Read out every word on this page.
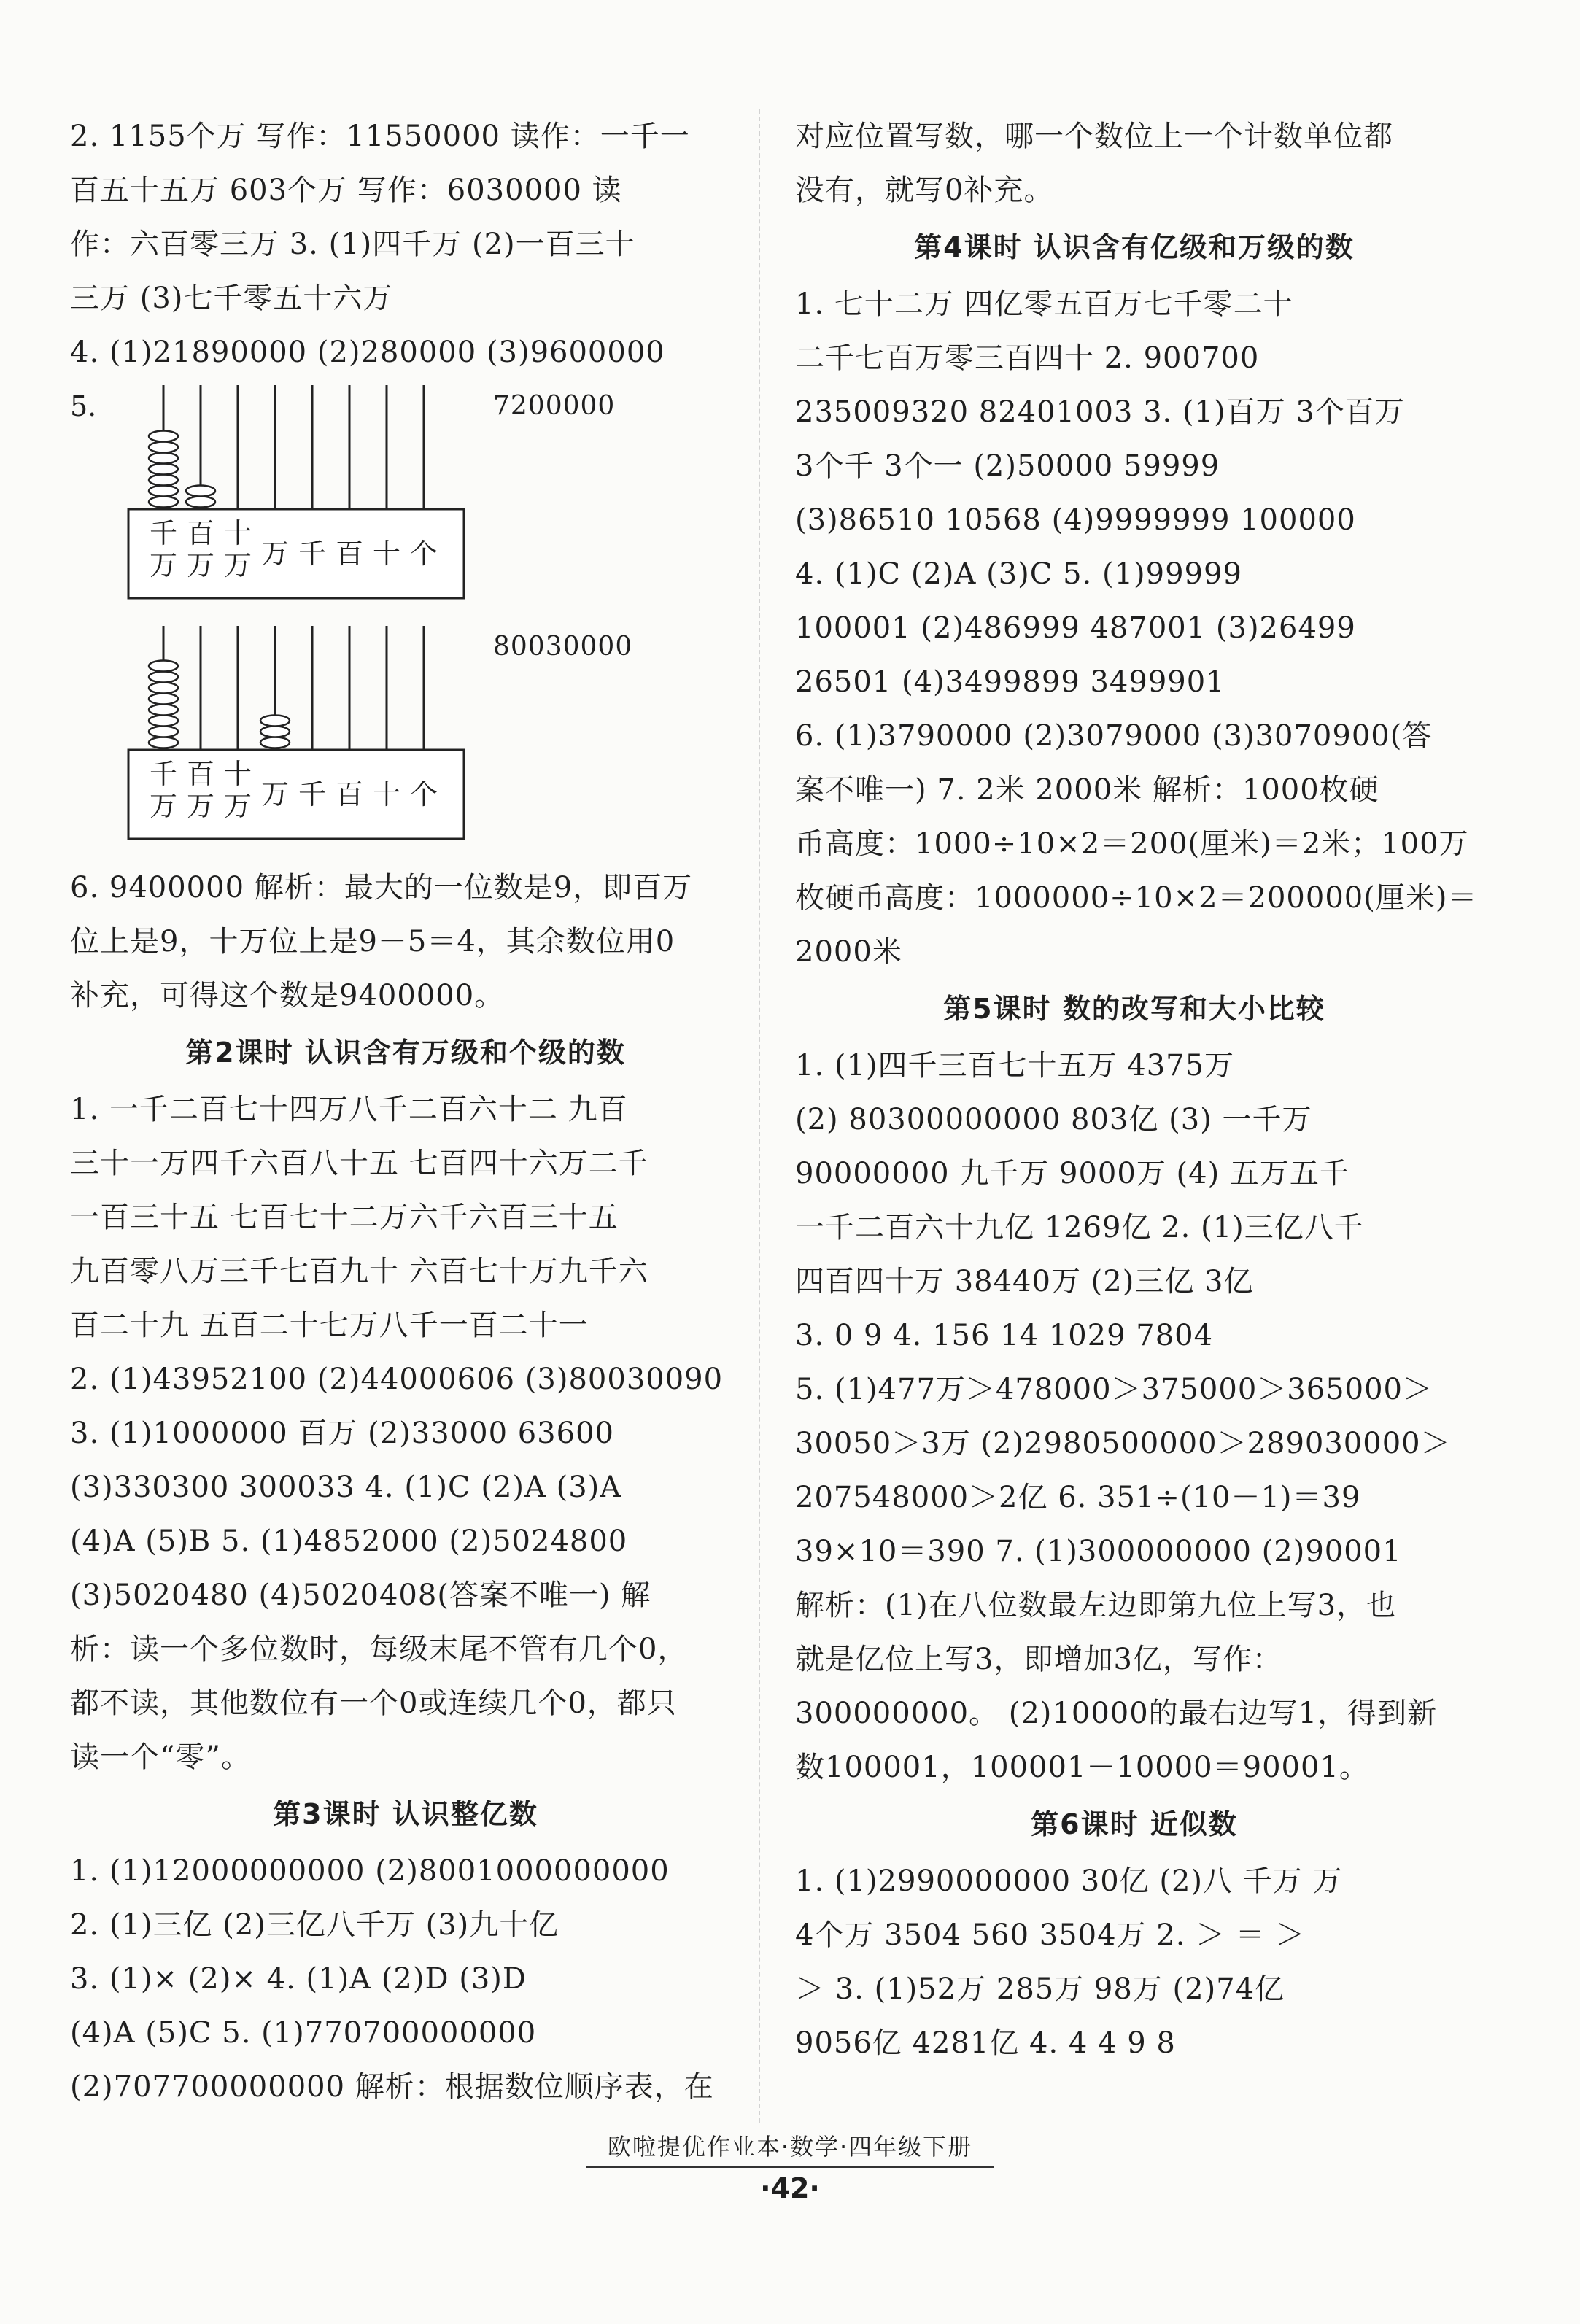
2. 1155个万 写作：11550000 读作：一千一
百五十五万 603个万 写作：6030000 读
作：六百零三万 3. (1)四千万 (2)一百三十
三万 (3)七千零五十六万
4. (1)21890000 (2)280000 (3)9600000
5.	7200000
千
万
百
万
十
万 万 千 百 十 个
80030000
千
万
百
万
十
万 万 千 百 十 个
6. 9400000 解析：最大的一位数是9，即百万
位上是9，十万位上是9－5＝4，其余数位用0
补充，可得这个数是9400000。
第2课时 认识含有万级和个级的数
1. 一千二百七十四万八千二百六十二 九百
三十一万四千六百八十五 七百四十六万二千
一百三十五 七百七十二万六千六百三十五
九百零八万三千七百九十 六百七十万九千六
百二十九 五百二十七万八千一百二十一
2. (1)43952100 (2)44000606 (3)80030090
3. (1)1000000 百万 (2)33000 63600
(3)330300 300033 4. (1)C (2)A (3)A
(4)A (5)B 5. (1)4852000 (2)5024800
(3)5020480 (4)5020408(答案不唯一) 解
析：读一个多位数时，每级末尾不管有几个0，
都不读，其他数位有一个0或连续几个0，都只
读一个“零”。
第3课时 认识整亿数
1. (1)12000000000 (2)8001000000000
2. (1)三亿 (2)三亿八千万 (3)九十亿
3. (1)× (2)× 4. (1)A (2)D (3)D
(4)A (5)C 5. (1)770700000000
(2)707700000000 解析：根据数位顺序表，在
对应位置写数，哪一个数位上一个计数单位都
没有，就写0补充。
第4课时 认识含有亿级和万级的数
1. 七十二万 四亿零五百万七千零二十
二千七百万零三百四十 2. 900700
235009320 82401003 3. (1)百万 3个百万
3个千 3个一 (2)50000 59999
(3)86510 10568 (4)9999999 100000
4. (1)C (2)A (3)C 5. (1)99999
100001 (2)486999 487001 (3)26499
26501 (4)3499899 3499901
6. (1)3790000 (2)3079000 (3)3070900(答
案不唯一) 7. 2米 2000米 解析：1000枚硬
币高度：1000÷10×2＝200(厘米)＝2米；100万
枚硬币高度：1000000÷10×2＝200000(厘米)＝
2000米
第5课时 数的改写和大小比较
1. (1)四千三百七十五万 4375万
(2) 80300000000 803亿 (3) 一千万
90000000 九千万 9000万 (4) 五万五千
一千二百六十九亿 1269亿 2. (1)三亿八千
四百四十万 38440万 (2)三亿 3亿
3. 0 9 4. 156 14 1029 7804
5. (1)477万＞478000＞375000＞365000＞
30050＞3万 (2)2980500000＞289030000＞
207548000＞2亿 6. 351÷(10－1)＝39
39×10＝390 7. (1)300000000 (2)90001
解析：(1)在八位数最左边即第九位上写3，也
就是亿位上写3，即增加3亿，写作：
300000000。 (2)10000的最右边写1，得到新
数100001，100001－10000＝90001。
第6课时 近似数
1. (1)2990000000 30亿 (2)八 千万 万
4个万 3504 560 3504万 2. ＞ ＝ ＞
＞ 3. (1)52万 285万 98万 (2)74亿
9056亿 4281亿 4. 4 4 9 8
欧啦提优作业本·数学·四年级下册
·42·
